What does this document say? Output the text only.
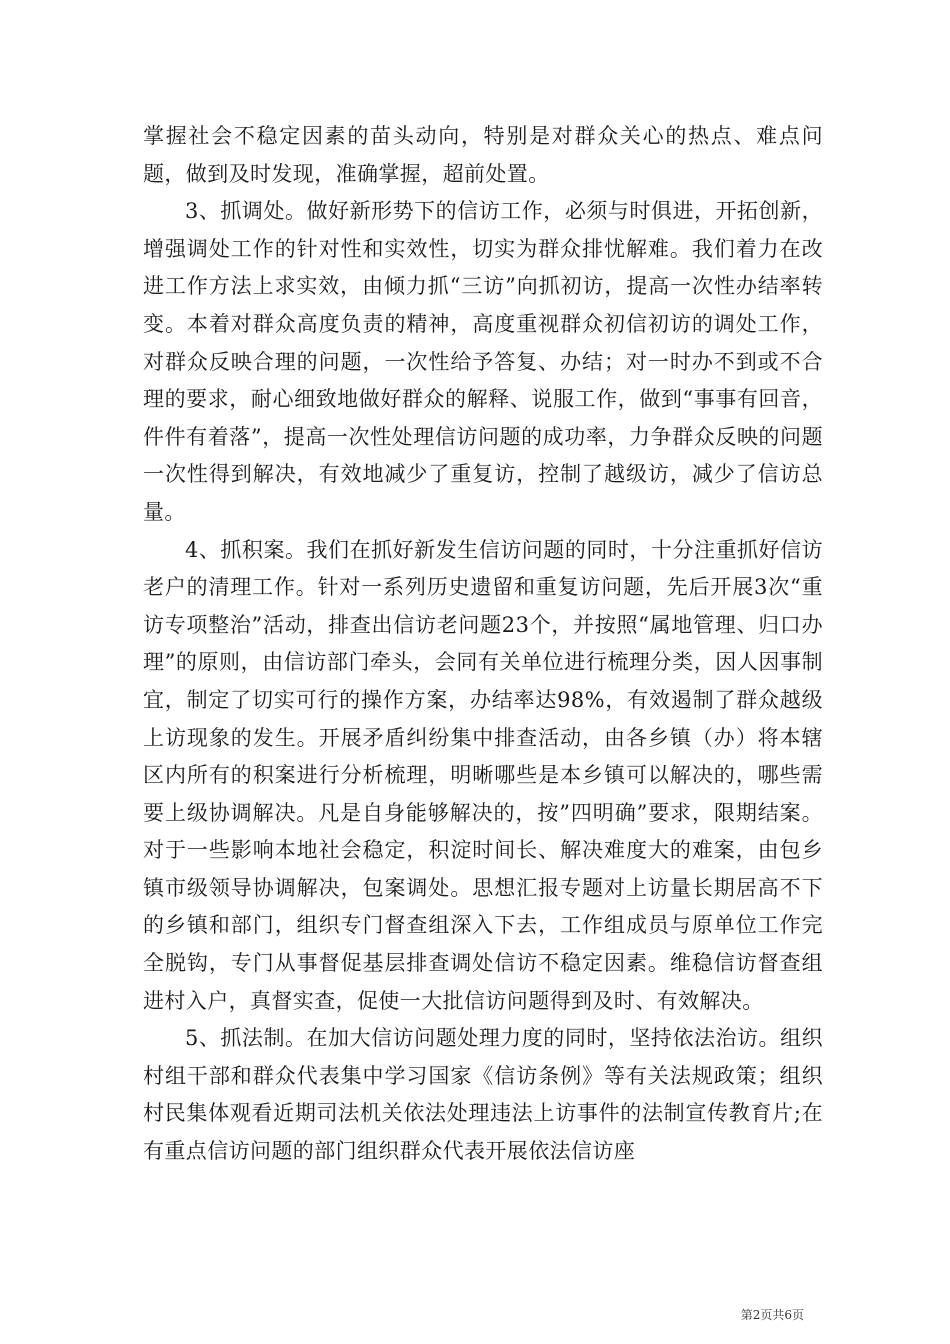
掌握社会不稳定因素的苗头动向，特别是对群众关心的热点、难点问题，做到及时发现，准确掌握，超前处置。

3、抓调处。做好新形势下的信访工作，必须与时俱进，开拓创新，增强调处工作的针对性和实效性，切实为群众排忧解难。我们着力在改进工作方法上求实效，由倾力抓“三访”向抓初访，提高一次性办结率转变。本着对群众高度负责的精神，高度重视群众初信初访的调处工作，对群众反映合理的问题，一次性给予答复、办结；对一时办不到或不合理的要求，耐心细致地做好群众的解释、说服工作，做到“事事有回音，件件有着落”，提高一次性处理信访问题的成功率，力争群众反映的问题一次性得到解决，有效地减少了重复访，控制了越级访，减少了信访总量。

4、抓积案。我们在抓好新发生信访问题的同时，十分注重抓好信访老户的清理工作。针对一系列历史遗留和重复访问题，先后开展3次“重访专项整治”活动，排查出信访老问题23个，并按照“属地管理、归口办理”的原则，由信访部门牵头，会同有关单位进行梳理分类，因人因事制宜，制定了切实可行的操作方案，办结率达98%，有效遏制了群众越级上访现象的发生。开展矛盾纠纷集中排查活动，由各乡镇（办）将本辖区内所有的积案进行分析梳理，明晰哪些是本乡镇可以解决的，哪些需要上级协调解决。凡是自身能够解决的，按”四明确”要求，限期结案。对于一些影响本地社会稳定，积淀时间长、解决难度大的难案，由包乡镇市级领导协调解决，包案调处。思想汇报专题对上访量长期居高不下的乡镇和部门，组织专门督查组深入下去，工作组成员与原单位工作完全脱钩，专门从事督促基层排查调处信访不稳定因素。维稳信访督查组进村入户，真督实查，促使一大批信访问题得到及时、有效解决。

5、抓法制。在加大信访问题处理力度的同时，坚持依法治访。组织村组干部和群众代表集中学习国家《信访条例》等有关法规政策；组织村民集体观看近期司法机关依法处理违法上访事件的法制宣传教育片;在有重点信访问题的部门组织群众代表开展依法信访座

第2页共6页
